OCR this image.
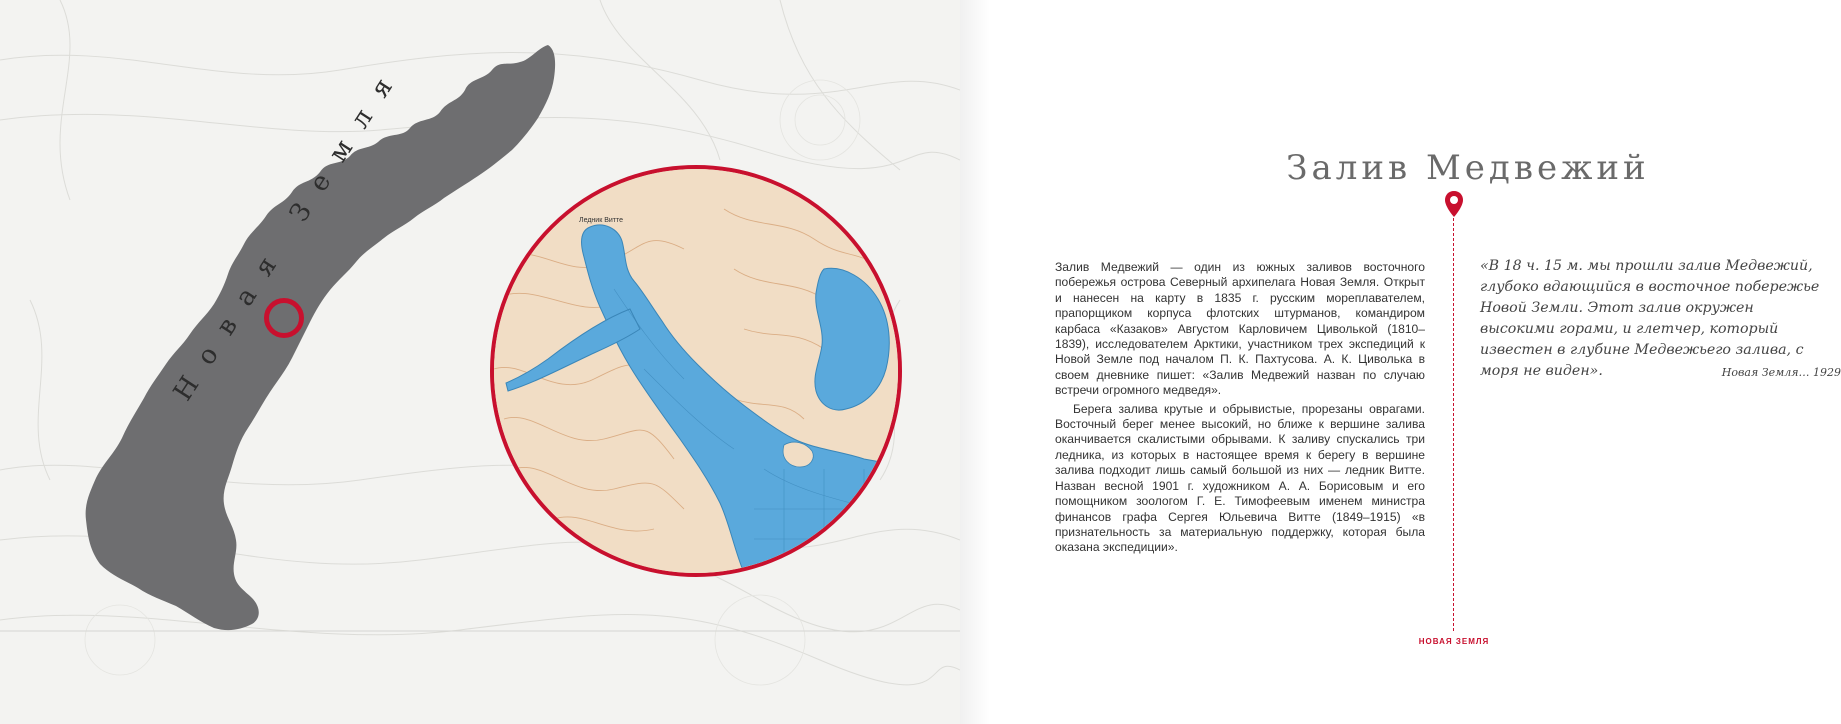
Новая Земля	Ледник Витте
Залив Медвежий

Залив Медвежий — один из южных заливов восточного побережья острова Северный архипелага Новая Земля. Открыт и нанесен на карту в 1835 г. русским мореплавателем, прапорщиком корпуса флотских штурманов, командиром карбаса «Казаков» Августом Карловичем Циволькой (1810–1839), исследователем Арктики, участником трех экспедиций к Новой Земле под началом П. К. Пахтусова. А. К. Циволька в своем дневнике пишет: «Залив Медвежий назван по случаю встречи огромного медведя».

Берега залива крутые и обрывистые, прорезаны оврагами. Восточный берег менее высокий, но ближе к вершине залива оканчивается скалистыми обрывами. К заливу спускались три ледника, из которых в настоящее время к берегу в вершине залива подходит лишь самый большой из них — ледник Витте. Назван весной 1901 г. художником А. А. Борисовым и его помощником зоологом Г. Е. Тимофеевым именем министра финансов графа Сергея Юльевича Витте (1849–1915) «в признательность за материальную поддержку, которая была оказана экспедиции».

«В 18 ч. 15 м. мы прошли залив Медвежий, глубоко вдающийся в восточное побережье Новой Земли. Этот залив окружен высокими горами, и глетчер, который известен в глубине Медвежьего залива, с моря не виден».	Новая Земля… 1929
НОВАЯ ЗЕМЛЯ
